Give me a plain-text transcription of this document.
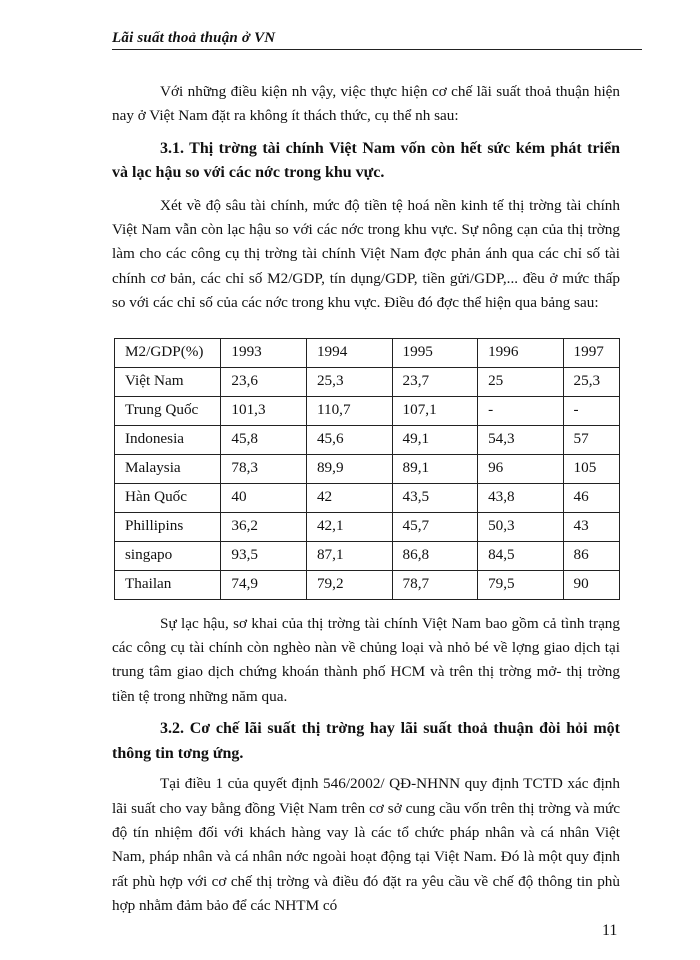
Lãi suất thoả thuận ở VN

Với những điều kiện nh vậy, việc thực hiện cơ chế lãi suất thoả thuận hiện nay ở Việt Nam đặt ra không ít thách thức, cụ thể nh sau:

3.1. Thị trờng tài chính Việt Nam vốn còn hết sức kém phát triển và lạc hậu so với các nớc trong khu vực.

Xét về độ sâu tài chính, mức độ tiền tệ hoá nền kinh tế thị trờng tài chính Việt Nam vẫn còn lạc hậu so với các nớc trong khu vực. Sự nông cạn của thị trờng làm cho các công cụ thị trờng tài chính Việt Nam đợc phản ánh qua các chỉ số tài chính cơ bản, các chỉ số M2/GDP, tín dụng/GDP, tiền gửi/GDP,... đều ở mức thấp so với các chỉ số của các nớc trong khu vực. Điều đó đợc thể hiện qua bảng sau:

M2/GDP(%)	1993	1994	1995	1996	1997
Việt Nam	23,6	25,3	23,7	25	25,3
Trung Quốc	101,3	110,7	107,1	-	-
Indonesia	45,8	45,6	49,1	54,3	57
Malaysia	78,3	89,9	89,1	96	105
Hàn Quốc	40	42	43,5	43,8	46
Phillipins	36,2	42,1	45,7	50,3	43
singapo	93,5	87,1	86,8	84,5	86
Thailan	74,9	79,2	78,7	79,5	90

Sự lạc hậu, sơ khai của thị trờng tài chính Việt Nam bao gồm cả tình trạng các công cụ tài chính còn nghèo nàn về chủng loại và nhỏ bé về lợng giao dịch tại trung tâm giao dịch chứng khoán thành phố HCM và trên thị trờng mở- thị trờng tiền tệ trong những năm qua.

3.2. Cơ chế lãi suất thị trờng hay lãi suất thoả thuận đòi hỏi một thông tin tơng ứng.

Tại điều 1 của quyết định 546/2002/ QĐ-NHNN quy định TCTD xác định lãi suất cho vay bằng đồng Việt Nam trên cơ sở cung cầu vốn trên thị trờng và mức độ tín nhiệm đối với khách hàng vay là các tổ chức pháp nhân và cá nhân Việt Nam, pháp nhân và cá nhân nớc ngoài hoạt động tại Việt Nam. Đó là một quy định rất phù hợp với cơ chế thị trờng và điều đó đặt ra yêu cầu về chế độ thông tin phù hợp nhằm đảm bảo để các NHTM có

11
